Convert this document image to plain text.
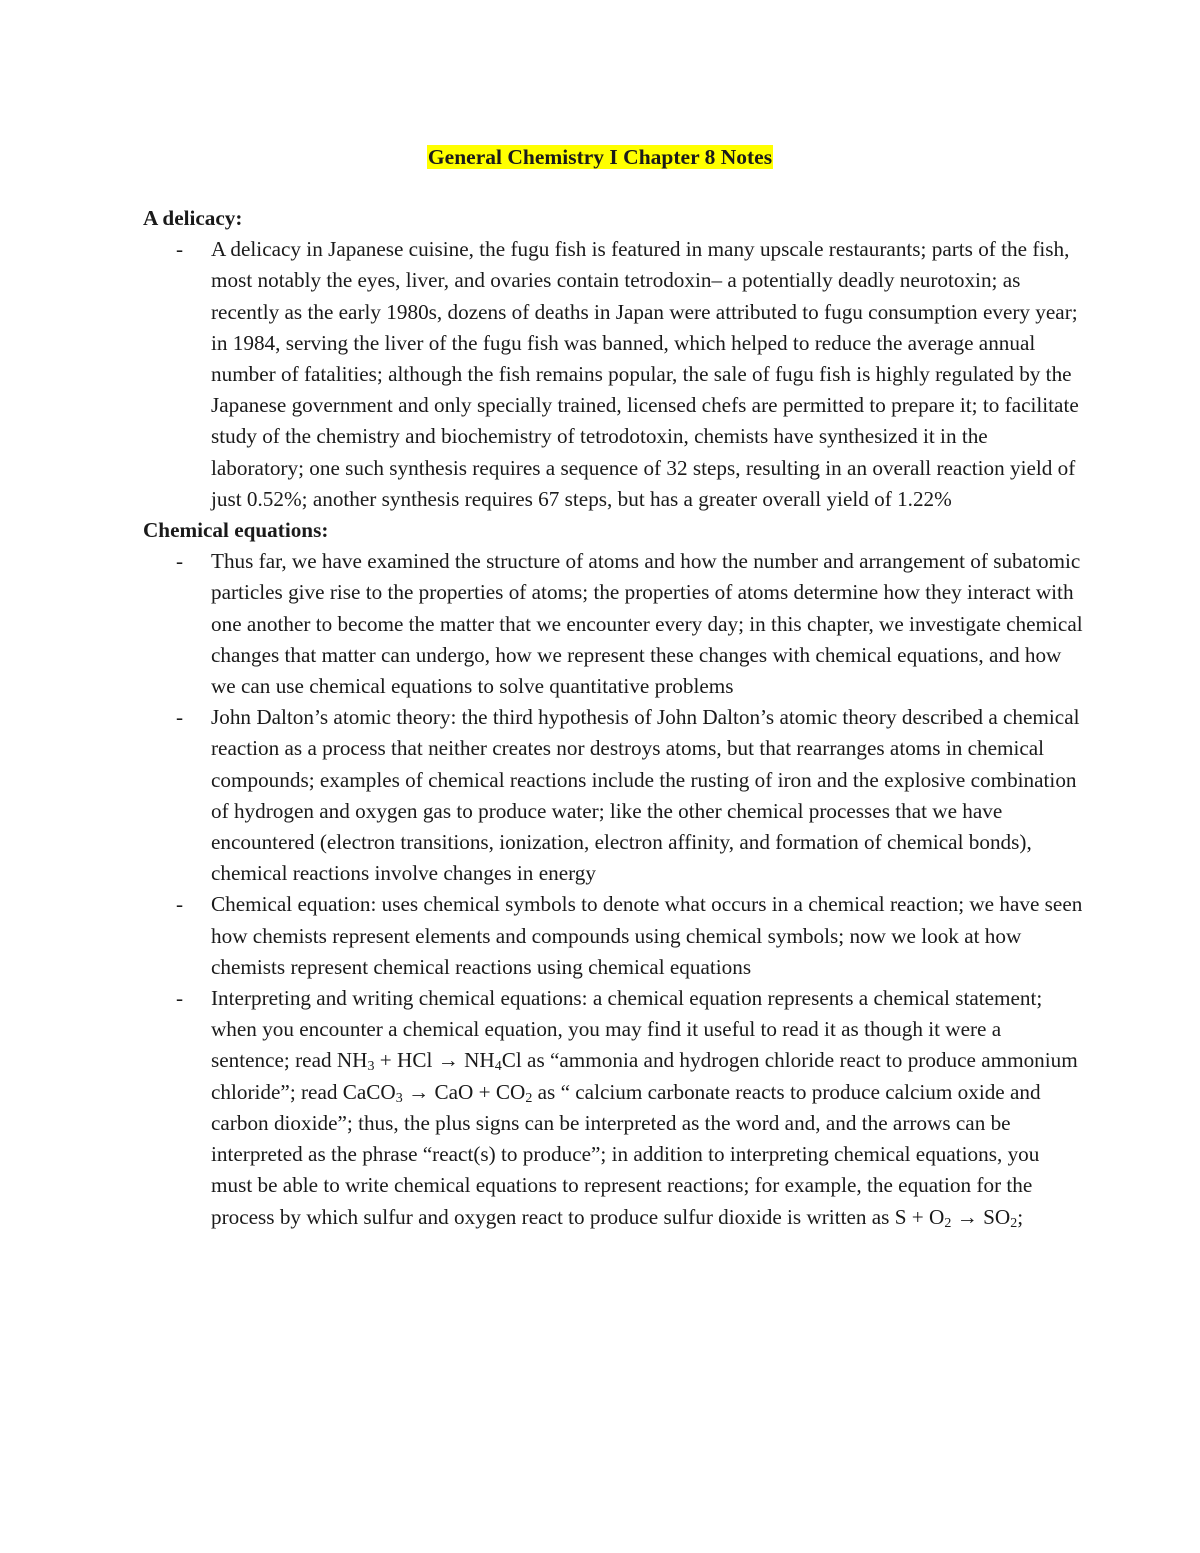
General Chemistry I Chapter 8 Notes

A delicacy:

- A delicacy in Japanese cuisine, the fugu fish is featured in many upscale restaurants; parts of the fish, most notably the eyes, liver, and ovaries contain tetrodoxin– a potentially deadly neurotoxin; as recently as the early 1980s, dozens of deaths in Japan were attributed to fugu consumption every year; in 1984, serving the liver of the fugu fish was banned, which helped to reduce the average annual number of fatalities; although the fish remains popular, the sale of fugu fish is highly regulated by the Japanese government and only specially trained, licensed chefs are permitted to prepare it; to facilitate study of the chemistry and biochemistry of tetrodotoxin, chemists have synthesized it in the laboratory; one such synthesis requires a sequence of 32 steps, resulting in an overall reaction yield of just 0.52%; another synthesis requires 67 steps, but has a greater overall yield of 1.22%

Chemical equations:

- Thus far, we have examined the structure of atoms and how the number and arrangement of subatomic particles give rise to the properties of atoms; the properties of atoms determine how they interact with one another to become the matter that we encounter every day; in this chapter, we investigate chemical changes that matter can undergo, how we represent these changes with chemical equations, and how we can use chemical equations to solve quantitative problems
- John Dalton’s atomic theory: the third hypothesis of John Dalton’s atomic theory described a chemical reaction as a process that neither creates nor destroys atoms, but that rearranges atoms in chemical compounds; examples of chemical reactions include the rusting of iron and the explosive combination of hydrogen and oxygen gas to produce water; like the other chemical processes that we have encountered (electron transitions, ionization, electron affinity, and formation of chemical bonds), chemical reactions involve changes in energy
- Chemical equation: uses chemical symbols to denote what occurs in a chemical reaction; we have seen how chemists represent elements and compounds using chemical symbols; now we look at how chemists represent chemical reactions using chemical equations
- Interpreting and writing chemical equations: a chemical equation represents a chemical statement; when you encounter a chemical equation, you may find it useful to read it as though it were a sentence; read $NH_3$ + HCl → $NH_4Cl$ as “ammonia and hydrogen chloride react to produce ammonium chloride”; read CaCO$_3$ → CaO + $CO_2$ as “ calcium carbonate reacts to produce calcium oxide and carbon dioxide”; thus, the plus signs can be interpreted as the word and, and the arrows can be interpreted as the phrase “react(s) to produce”; in addition to interpreting chemical equations, you must be able to write chemical equations to represent reactions; for example, the equation for the process by which sulfur and oxygen react to produce sulfur dioxide is written as $S + O_2 \to SO_2$;
